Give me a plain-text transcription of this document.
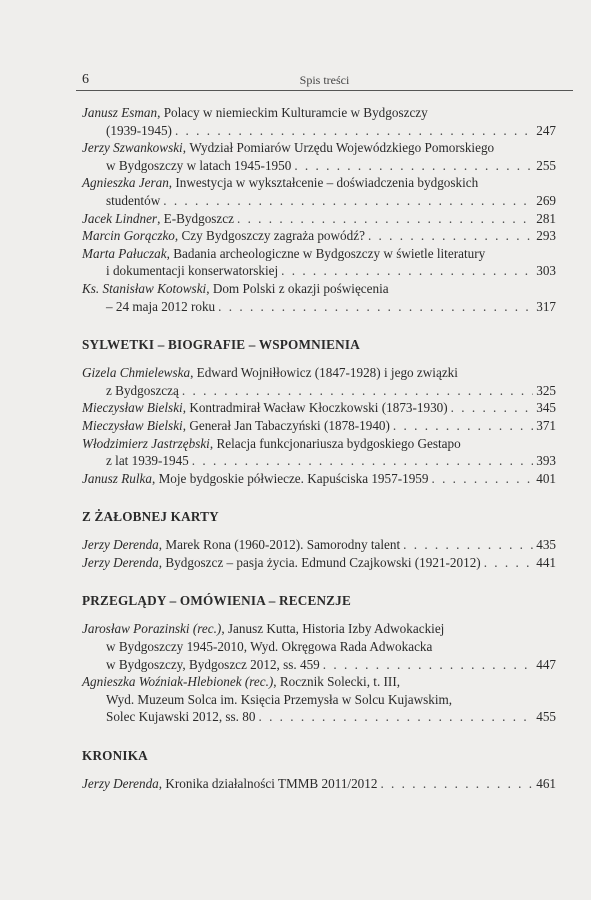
6	Spis treści
Janusz Esman , Polacy w niemieckim Kulturamcie w Bydgoszczy
(1939-1945) . . .	247
Jerzy Szwankowski , Wydział Pomiarów Urzędu Wojewódzkiego Pomorskiego
w Bydgoszczy w latach 1945-1950 . . .	255
Agnieszka Jeran , Inwestycja w wykształcenie – doświadczenia bydgoskich
studentów . . .	269
Jacek Lindner , E-Bydgoszcz . . .	281
Marcin Gorączko , Czy Bydgoszczy zagraża powódź? . . .	293
Marta Pałuczak , Badania archeologiczne w Bydgoszczy w świetle literatury
i dokumentacji konserwatorskiej . . .	303
Ks. Stanisław Kotowski , Dom Polski z okazji poświęcenia
– 24 maja 2012 roku . . .	317
SYLWETKI – BIOGRAFIE – WSPOMNIENIA
Gizela Chmielewska , Edward Wojniłłowicz (1847-1928) i jego związki
z Bydgoszczą . . .	325
Mieczysław Bielski , Kontradmirał Wacław Kłoczkowski (1873-1930) . . .	345
Mieczysław Bielski , Generał Jan Tabaczyński (1878-1940) . . .	371
Włodzimierz Jastrzębski , Relacja funkcjonariusza bydgoskiego Gestapo
z lat 1939-1945 . . .	393
Janusz Rulka , Moje bydgoskie półwiecze. Kapuściska 1957-1959 . . .	401
Z ŻAŁOBNEJ KARTY
Jerzy Derenda , Marek Rona (1960-2012). Samorodny talent . . .	435
Jerzy Derenda , Bydgoszcz – pasja życia. Edmund Czajkowski (1921-2012) . . .	441
PRZEGLĄDY – OMÓWIENIA – RECENZJE
Jarosław Porazinski (rec.) , Janusz Kutta, Historia Izby Adwokackiej
w Bydgoszczy 1945-2010, Wyd. Okręgowa Rada Adwokacka
w Bydgoszczy, Bydgoszcz 2012, ss. 459 . . .	447
Agnieszka Woźniak-Hlebionek (rec.) , Rocznik Solecki, t. III,
Wyd. Muzeum Solca im. Księcia Przemysła w Solcu Kujawskim,
Solec Kujawski 2012, ss. 80 . . .	455
KRONIKA
Jerzy Derenda , Kronika działalności TMMB 2011/2012 . . .	461
